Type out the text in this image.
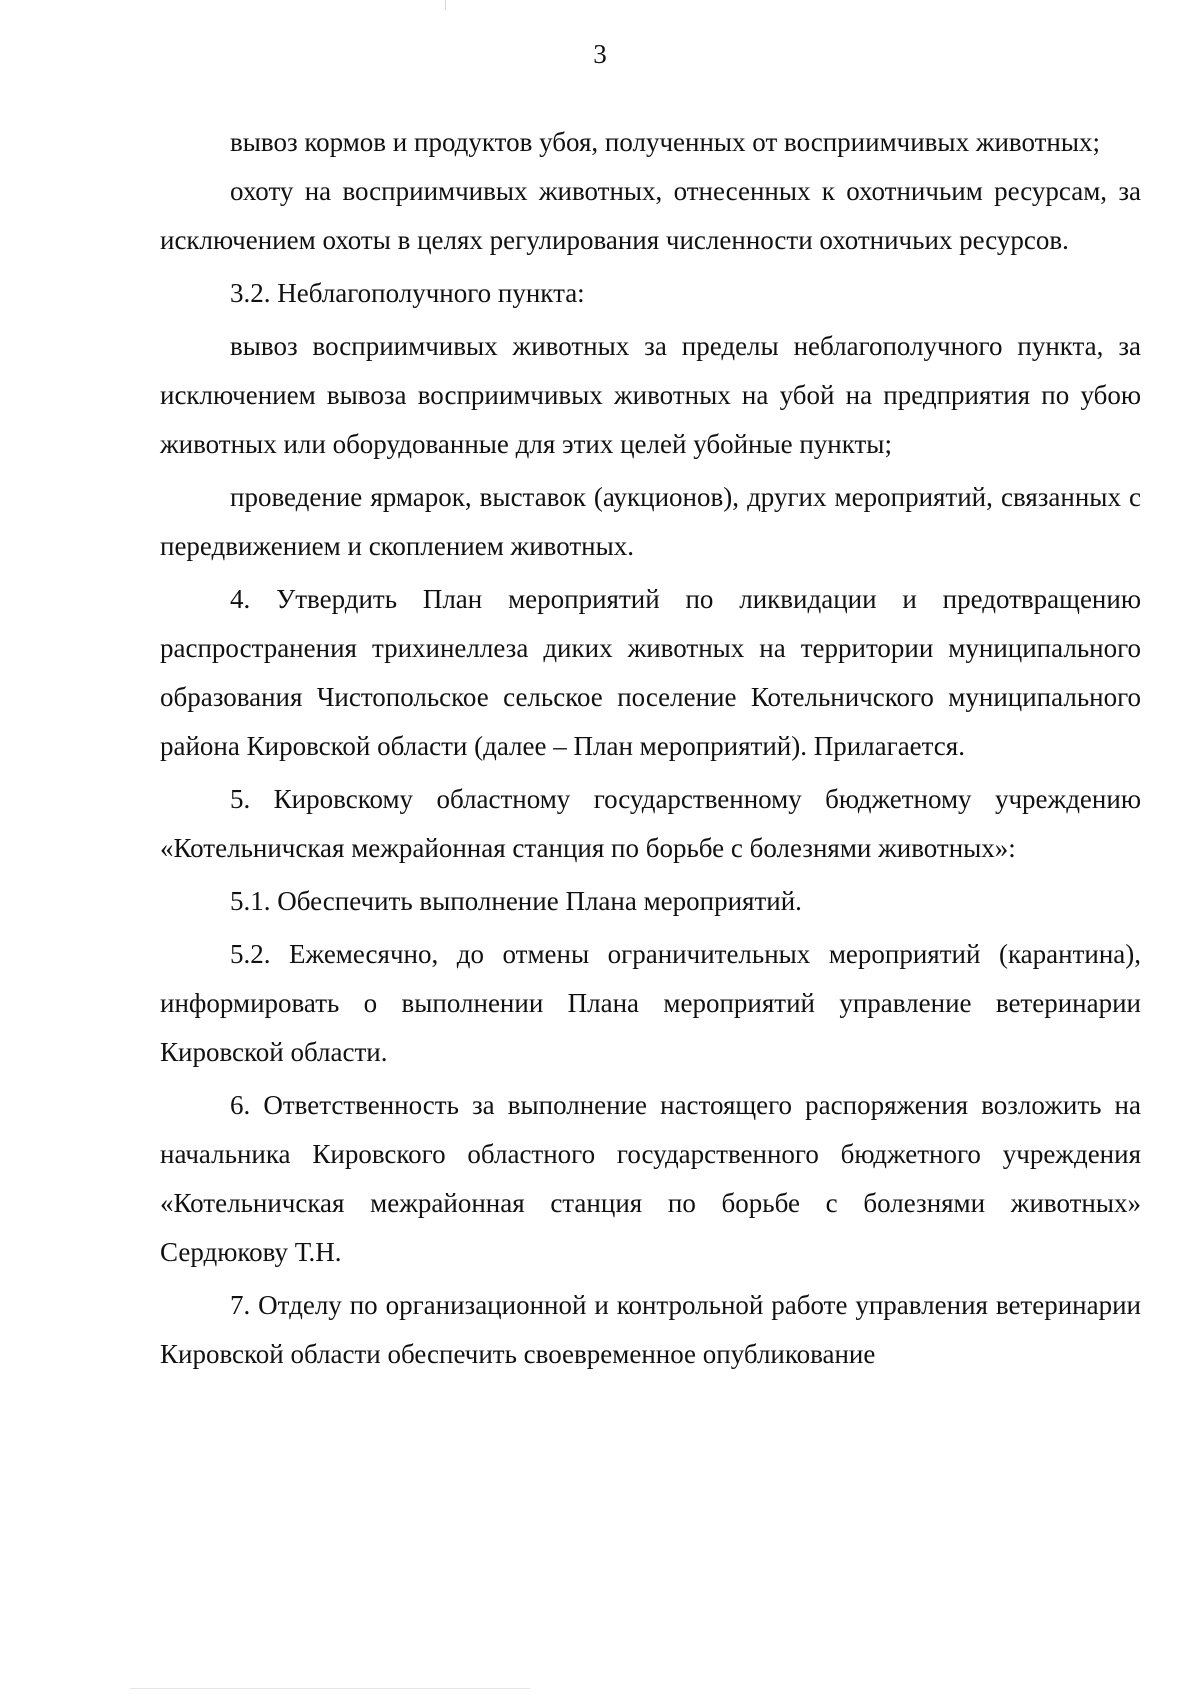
3

вывоз кормов и продуктов убоя, полученных от восприимчивых животных;

охоту на восприимчивых животных, отнесенных к охотничьим ресурсам, за исключением охоты в целях регулирования численности охотничьих ресурсов.

3.2. Неблагополучного пункта:

вывоз восприимчивых животных за пределы неблагополучного пункта, за исключением вывоза восприимчивых животных на убой на предприятия по убою животных или оборудованные для этих целей убойные пункты;

проведение ярмарок, выставок (аукционов), других мероприятий, связанных с передвижением и скоплением животных.

4. Утвердить План мероприятий по ликвидации и предотвращению распространения трихинеллеза диких животных на территории муниципального образования Чистопольское сельское поселение Котельничского муниципального района Кировской области (далее – План мероприятий). Прилагается.

5. Кировскому областному государственному бюджетному учреждению «Котельничская межрайонная станция по борьбе с болезнями животных»:

5.1. Обеспечить выполнение Плана мероприятий.

5.2. Ежемесячно, до отмены ограничительных мероприятий (карантина), информировать о выполнении Плана мероприятий управление ветеринарии Кировской области.

6. Ответственность за выполнение настоящего распоряжения возложить на начальника Кировского областного государственного бюджетного учреждения «Котельничская межрайонная станция по борьбе с болезнями животных» Сердюкову Т.Н.

7. Отделу по организационной и контрольной работе управления ветеринарии Кировской области обеспечить своевременное опубликование
